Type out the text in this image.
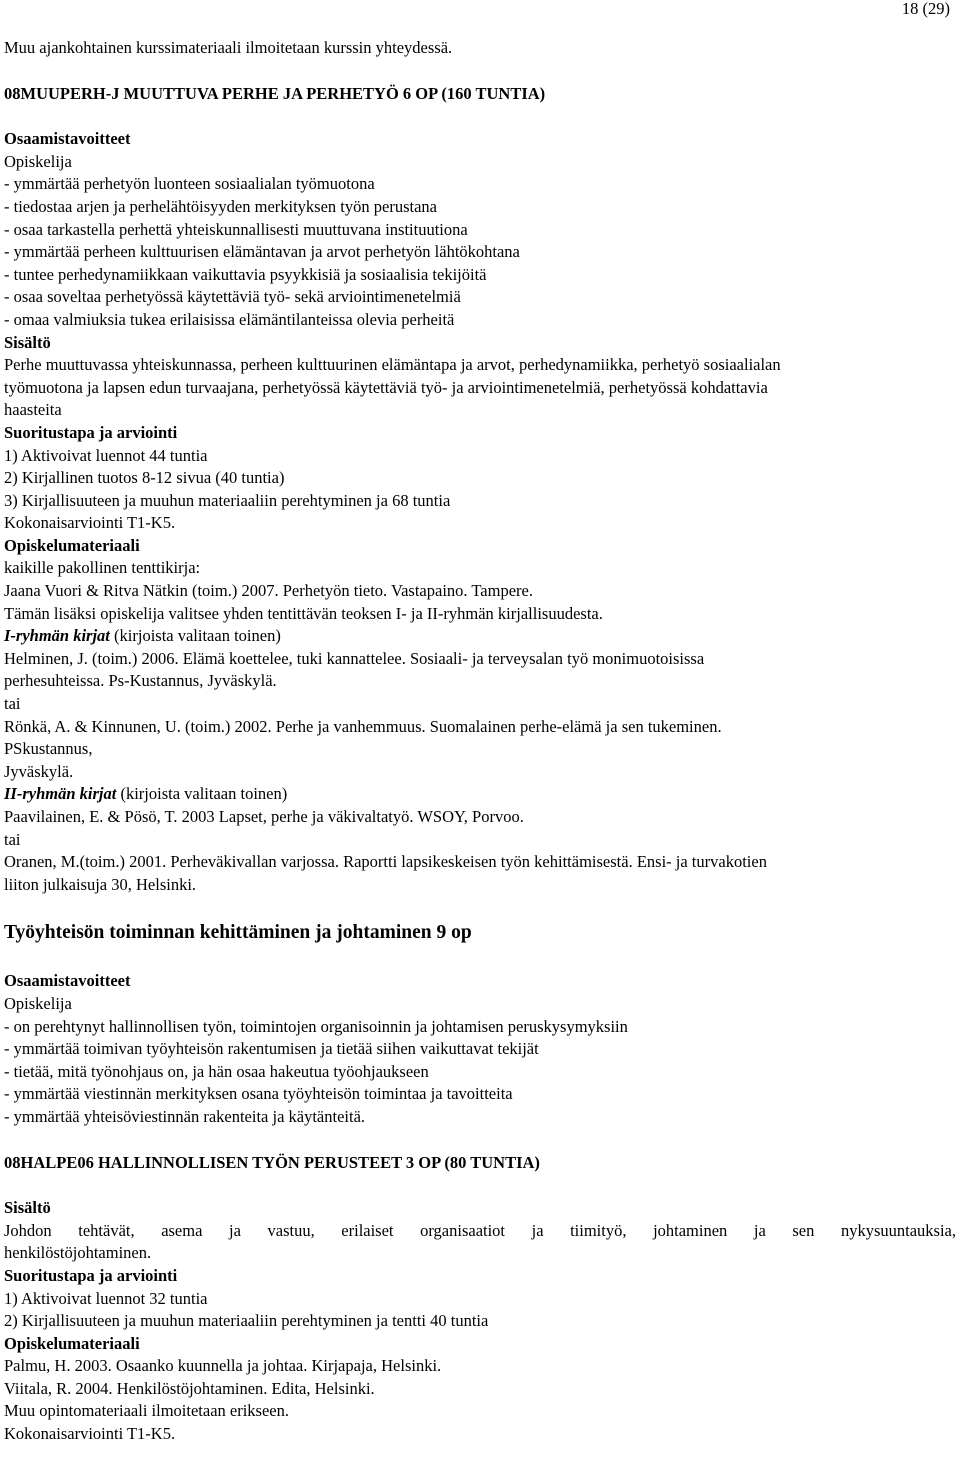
18 (29)
Muu ajankohtainen kurssimateriaali ilmoitetaan kurssin yhteydessä.
08MUUPERH-J MUUTTUVA PERHE JA PERHETYÖ 6 OP (160 TUNTIA)
Osaamistavoitteet
Opiskelija
- ymmärtää perhetyön luonteen sosiaalialan työmuotona
- tiedostaa arjen ja perhelähtöisyyden merkityksen työn perustana
- osaa tarkastella perhettä yhteiskunnallisesti muuttuvana instituutiona
- ymmärtää perheen kulttuurisen elämäntavan ja arvot perhetyön lähtökohtana
- tuntee perhedynamiikkaan vaikuttavia psyykkisiä ja sosiaalisia tekijöitä
- osaa soveltaa perhetyössä käytettäviä työ- sekä arviointimenetelmiä
- omaa valmiuksia tukea erilaisissa elämäntilanteissa olevia perheitä
Sisältö
Perhe muuttuvassa yhteiskunnassa, perheen kulttuurinen elämäntapa ja arvot, perhedynamiikka, perhetyö sosiaalialan
työmuotona ja lapsen edun turvaajana, perhetyössä käytettäviä työ- ja arviointimenetelmiä, perhetyössä kohdattavia
haasteita
Suoritustapa ja arviointi
1) Aktivoivat luennot 44 tuntia
2) Kirjallinen tuotos 8-12 sivua (40 tuntia)
3) Kirjallisuuteen ja muuhun materiaaliin perehtyminen ja 68 tuntia
Kokonaisarviointi T1-K5.
Opiskelumateriaali
kaikille pakollinen tenttikirja:
Jaana Vuori & Ritva Nätkin (toim.) 2007. Perhetyön tieto. Vastapaino. Tampere.
Tämän lisäksi opiskelija valitsee yhden tentittävän teoksen I- ja II-ryhmän kirjallisuudesta.
I-ryhmän kirjat (kirjoista valitaan toinen)
Helminen, J. (toim.) 2006. Elämä koettelee, tuki kannattelee. Sosiaali- ja terveysalan työ monimuotoisissa
perhesuhteissa. Ps-Kustannus, Jyväskylä.
tai
Rönkä, A. & Kinnunen, U. (toim.) 2002. Perhe ja vanhemmuus. Suomalainen perhe-elämä ja sen tukeminen.
PSkustannus,
Jyväskylä.
II-ryhmän kirjat (kirjoista valitaan toinen)
Paavilainen, E. & Pösö, T. 2003 Lapset, perhe ja väkivaltatyö. WSOY, Porvoo.
tai
Oranen, M.(toim.) 2001. Perheväkivallan varjossa. Raportti lapsikeskeisen työn kehittämisestä. Ensi- ja turvakotien
liiton julkaisuja 30, Helsinki.
Työyhteisön toiminnan kehittäminen ja johtaminen 9 op
Osaamistavoitteet
Opiskelija
- on perehtynyt hallinnollisen työn, toimintojen organisoinnin ja johtamisen peruskysymyksiin
- ymmärtää toimivan työyhteisön rakentumisen ja tietää siihen vaikuttavat tekijät
- tietää, mitä työnohjaus on, ja hän osaa hakeutua työohjaukseen
- ymmärtää viestinnän merkityksen osana työyhteisön toimintaa ja tavoitteita
- ymmärtää yhteisöviestinnän rakenteita ja käytänteitä.
08HALPE06 HALLINNOLLISEN TYÖN PERUSTEET 3 OP (80 TUNTIA)
Sisältö
Johdon tehtävät, asema ja vastuu, erilaiset organisaatiot ja tiimityö, johtaminen ja sen nykysuuntauksia,
henkilöstöjohtaminen.
Suoritustapa ja arviointi
1) Aktivoivat luennot 32 tuntia
2) Kirjallisuuteen ja muuhun materiaaliin perehtyminen ja tentti 40 tuntia
Opiskelumateriaali
Palmu, H. 2003. Osaanko kuunnella ja johtaa. Kirjapaja, Helsinki.
Viitala, R. 2004. Henkilöstöjohtaminen. Edita, Helsinki.
Muu opintomateriaali ilmoitetaan erikseen.
Kokonaisarviointi T1-K5.
